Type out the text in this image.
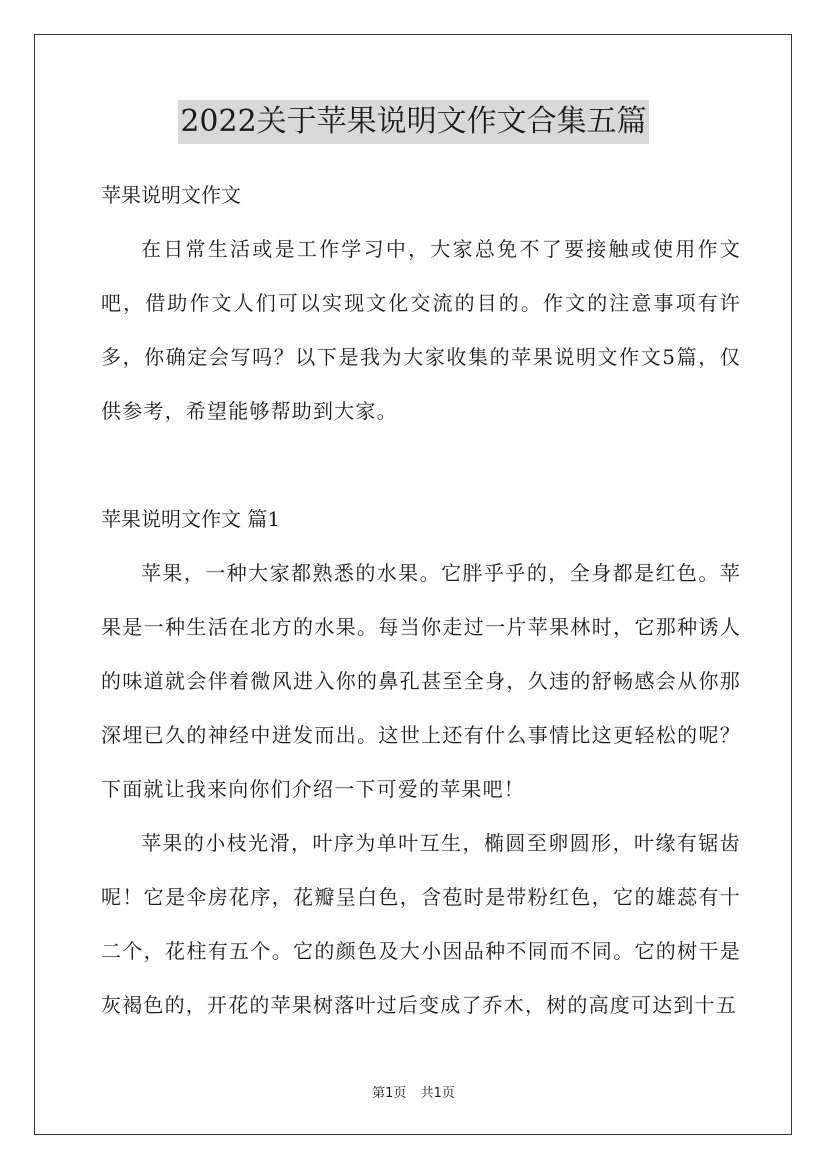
2022关于苹果说明文作文合集五篇

苹果说明文作文

在日常生活或是工作学习中，大家总免不了要接触或使用作文吧，借助作文人们可以实现文化交流的目的。作文的注意事项有许多，你确定会写吗？以下是我为大家收集的苹果说明文作文5篇，仅供参考，希望能够帮助到大家。

苹果说明文作文 篇1

苹果，一种大家都熟悉的水果。它胖乎乎的，全身都是红色。苹果是一种生活在北方的水果。每当你走过一片苹果林时，它那种诱人的味道就会伴着微风进入你的鼻孔甚至全身，久违的舒畅感会从你那深埋已久的神经中迸发而出。这世上还有什么事情比这更轻松的呢？下面就让我来向你们介绍一下可爱的苹果吧！

苹果的小枝光滑，叶序为单叶互生，椭圆至卵圆形，叶缘有锯齿呢！它是伞房花序，花瓣呈白色，含苞时是带粉红色，它的雄蕊有十二个，花柱有五个。它的颜色及大小因品种不同而不同。它的树干是灰褐色的，开花的苹果树落叶过后变成了乔木，树的高度可达到十五

第1页 共1页
